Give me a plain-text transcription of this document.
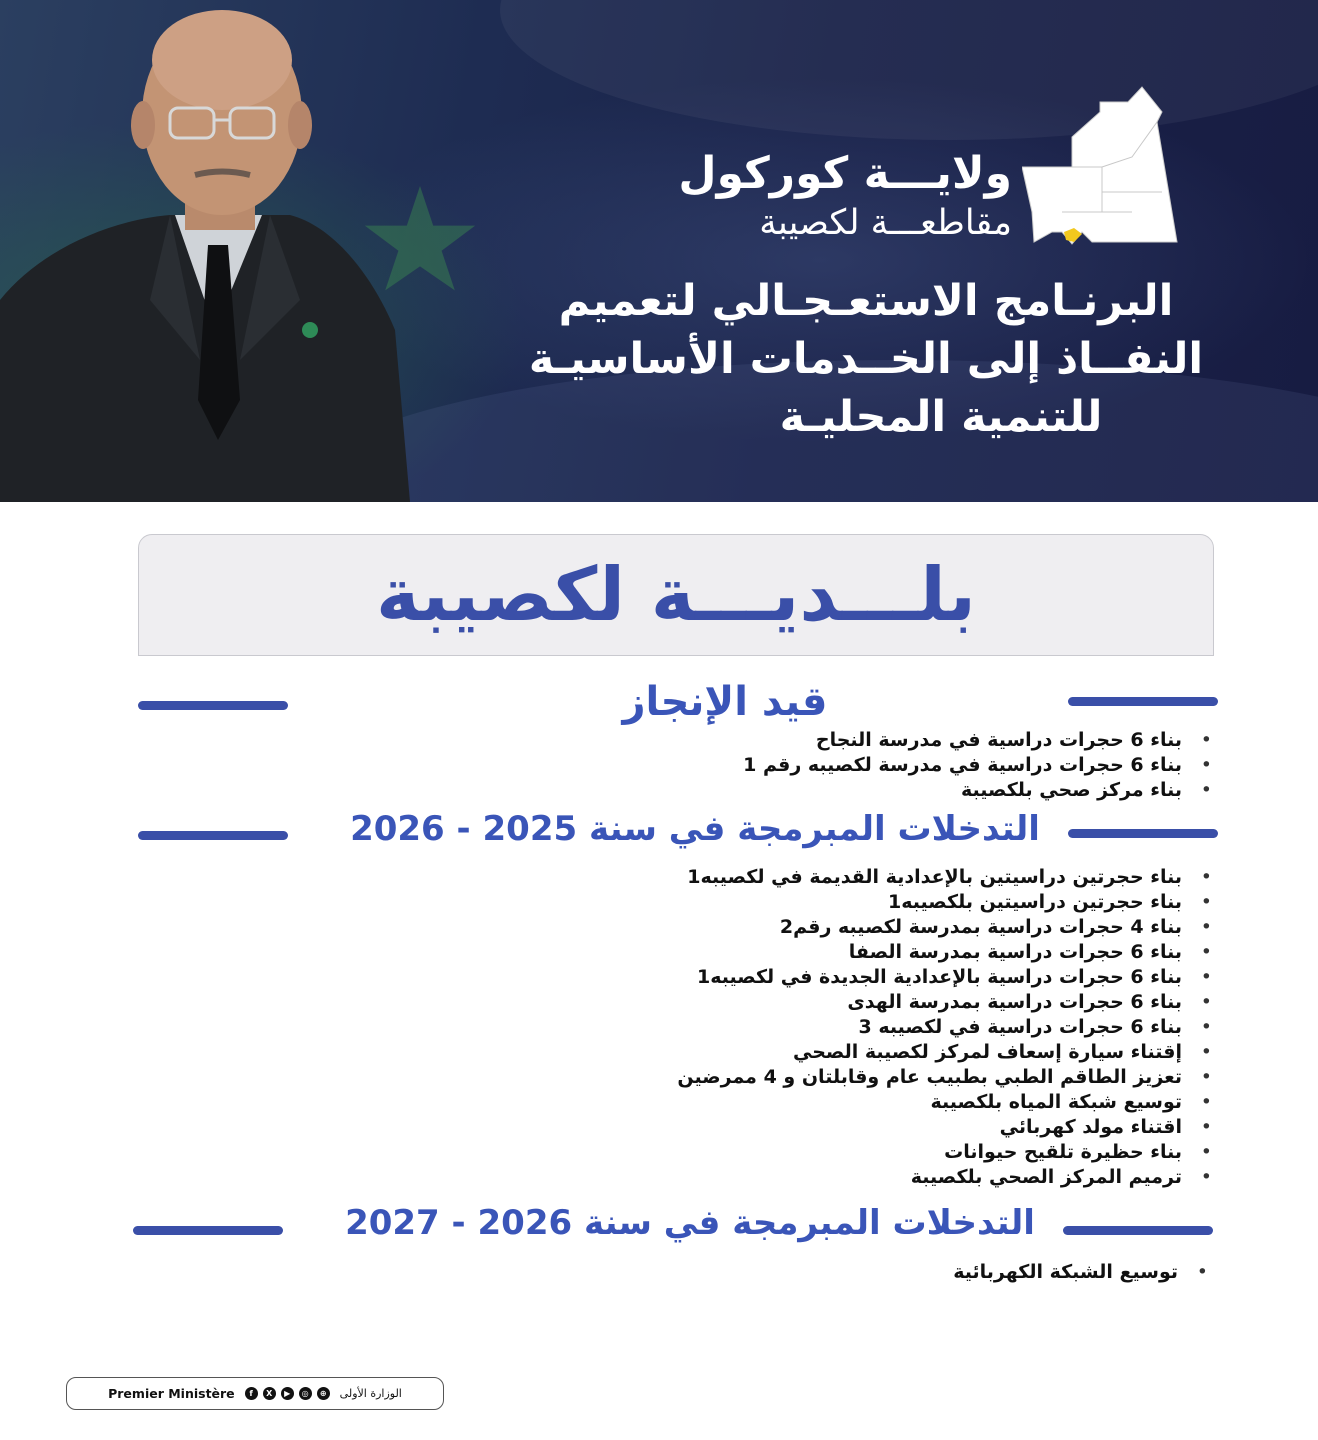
ولايـــة كوركول
مقاطعـــة لكصيبة
البرنـامج الاستعـجـالي لتعميم
النفــاذ إلى الخــدمات الأساسيـة
للتنمية المحليـة
بلـــديـــة لكصيبة
قيد الإنجاز
•
بناء 6 حجرات دراسية في مدرسة النجاح
•
بناء 6 حجرات دراسية في مدرسة لكصيبه رقم 1
•
بناء مركز صحي بلكصيبة
التدخلات المبرمجة في سنة 2025 - 2026
•
بناء حجرتين دراسيتين بالإعدادية القديمة في لكصيبه1
•
بناء حجرتين دراسيتين بلكصيبه1
•
بناء 4 حجرات دراسية بمدرسة لكصيبه رقم2
•
بناء 6 حجرات دراسية بمدرسة الصفا
•
بناء 6 حجرات دراسية بالإعدادية الجديدة في لكصيبه1
•
بناء 6 حجرات دراسية بمدرسة الهدى
•
بناء 6 حجرات دراسية في لكصيبه 3
•
إقتناء سيارة إسعاف لمركز لكصيبة الصحي
•
تعزيز الطاقم الطبي بطبيب عام وقابلتان و 4 ممرضين
•
توسيع شبكة المياه بلكصيبة
•
اقتناء مولد كهربائي
•
بناء حظيرة تلقيح حيوانات
•
ترميم المركز الصحي بلكصيبة
التدخلات المبرمجة في سنة 2026 - 2027
•
توسيع الشبكة الكهربائية
Premier Ministère	f	X	▶	◎	⊕ الوزارة الأولى
